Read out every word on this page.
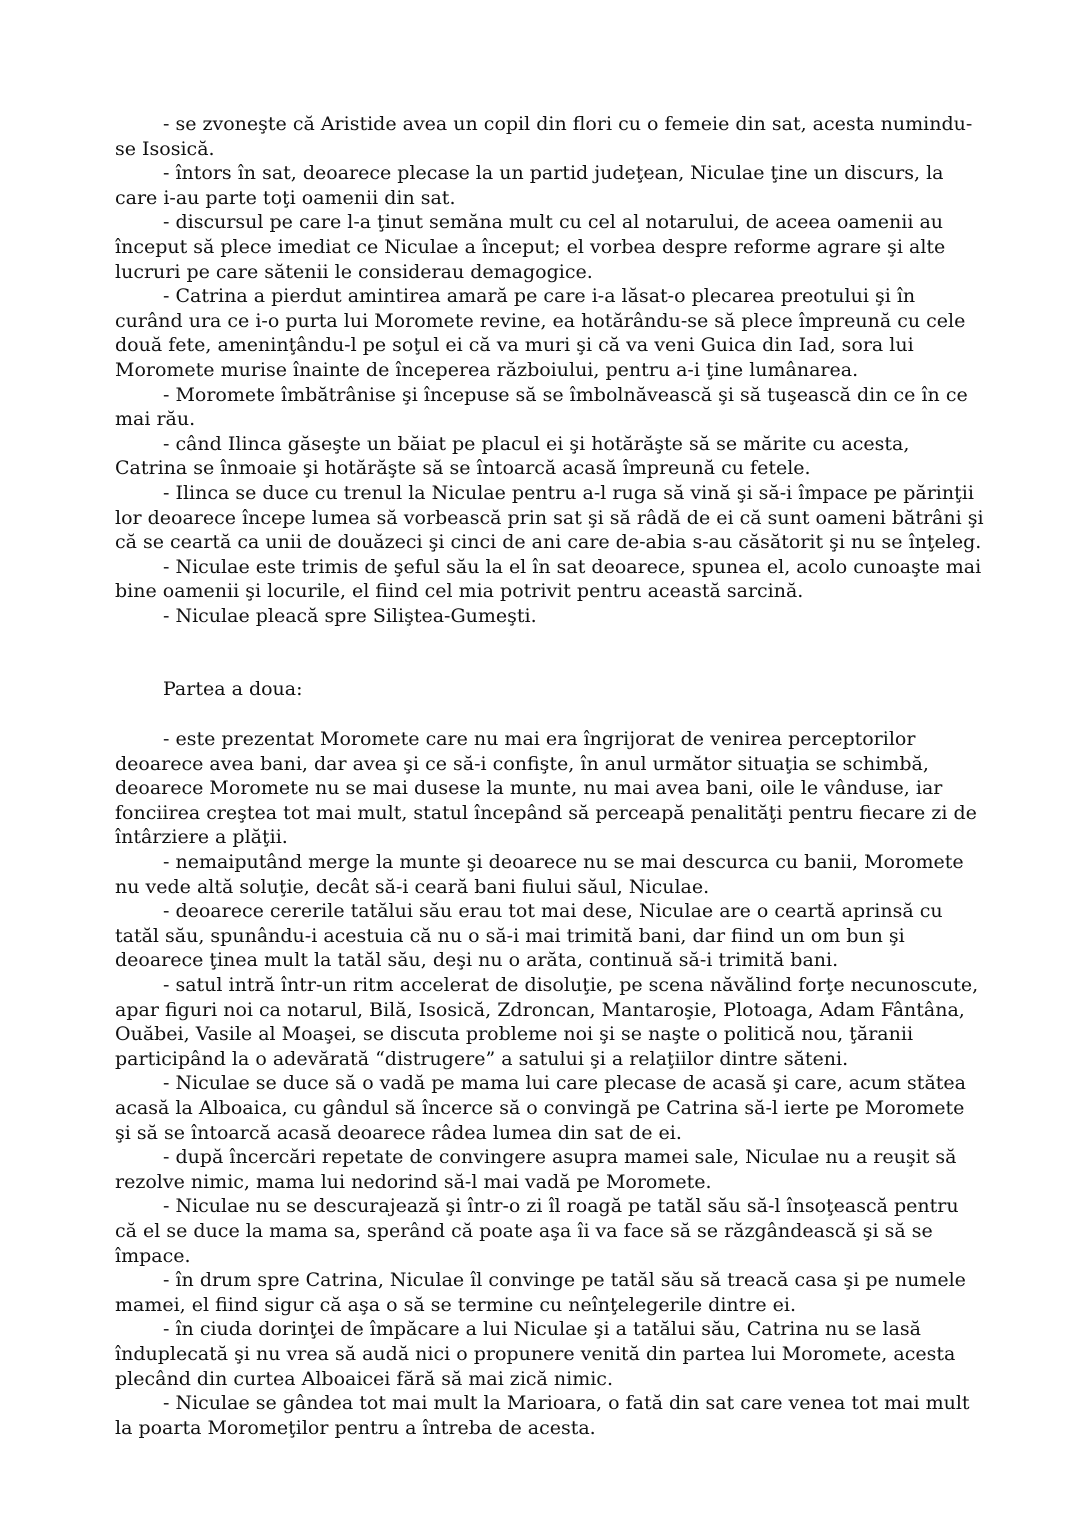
- se zvoneşte că Aristide avea un copil din flori cu o femeie din sat, acesta numindu-se Isosică.

- întors în sat, deoarece plecase la un partid judeţean, Niculae ţine un discurs, la care i-au parte toţi oamenii din sat.

- discursul pe care l-a ţinut semăna mult cu cel al notarului, de aceea oamenii au început să plece imediat ce Niculae a început; el vorbea despre reforme agrare şi alte lucruri pe care sătenii le considerau demagogice.

- Catrina a pierdut amintirea amară pe care i-a lăsat-o plecarea preotului şi în curând ura ce i-o purta lui Moromete revine, ea hotărându-se să plece împreună cu cele două fete, ameninţându-l pe soţul ei că va muri şi că va veni Guica din Iad, sora lui Moromete murise înainte de începerea războiului, pentru a-i ţine lumânarea.

- Moromete îmbătrânise şi începuse să se îmbolnăvească şi să tuşească din ce în ce mai rău.

- când Ilinca găseşte un băiat pe placul ei şi hotărăşte să se mărite cu acesta, Catrina se înmoaie şi hotărăşte să se întoarcă acasă împreună cu fetele.

- Ilinca se duce cu trenul la Niculae pentru a-l ruga să vină şi să-i împace pe părinţii lor deoarece începe lumea să vorbească prin sat şi să râdă de ei că sunt oameni bătrâni şi că se ceartă ca unii de douăzeci şi cinci de ani care de-abia s-au căsătorit şi nu se înţeleg.

- Niculae este trimis de şeful său la el în sat deoarece, spunea el, acolo cunoaşte mai bine oamenii şi locurile, el fiind cel mia potrivit pentru această sarcină.

- Niculae pleacă spre Siliştea-Gumeşti.

Partea a doua:

- este prezentat Moromete care nu mai era îngrijorat de venirea perceptorilor deoarece avea bani, dar avea şi ce să-i confişte, în anul următor situaţia se schimbă, deoarece Moromete nu se mai dusese la munte, nu mai avea bani, oile le vânduse, iar fonciirea creştea tot mai mult, statul începând să perceapă penalităţi pentru fiecare zi de întârziere a plăţii.

- nemaiputând merge la munte şi deoarece nu se mai descurca cu banii, Moromete nu vede altă soluţie, decât să-i ceară bani fiului săul, Niculae.

- deoarece cererile tatălui său erau tot mai dese, Niculae are o ceartă aprinsă cu tatăl său, spunându-i acestuia că nu o să-i mai trimită bani, dar fiind un om bun şi deoarece ţinea mult la tatăl său, deşi nu o arăta, continuă să-i trimită bani.

- satul intră într-un ritm accelerat de disoluţie, pe scena năvălind forţe necunoscute, apar figuri noi ca notarul, Bilă, Isosică, Zdroncan, Mantaroşie, Plotoaga, Adam Fântâna, Ouăbei, Vasile al Moaşei, se discuta probleme noi şi se naşte o politică nou, ţăranii participând la o adevărată “distrugere” a satului şi a relaţiilor dintre săteni.

- Niculae se duce să o vadă pe mama lui care plecase de acasă şi care, acum stătea acasă la Alboaica, cu gândul să încerce să o convingă pe Catrina să-l ierte pe Moromete şi să se întoarcă acasă deoarece râdea lumea din sat de ei.

- după încercări repetate de convingere asupra mamei sale, Niculae nu a reuşit să rezolve nimic, mama lui nedorind să-l mai vadă pe Moromete.

- Niculae nu se descurajează şi într-o zi îl roagă pe tatăl său să-l însoţească pentru că el se duce la mama sa, sperând că poate aşa îi va face să se răzgândească şi să se împace.

- în drum spre Catrina, Niculae îl convinge pe tatăl său să treacă casa şi pe numele mamei, el fiind sigur că aşa o să se termine cu neînţelegerile dintre ei.

- în ciuda dorinţei de împăcare a lui Niculae şi a tatălui său, Catrina nu se lasă înduplecată şi nu vrea să audă nici o propunere venită din partea lui Moromete, acesta plecând din curtea Alboaicei fără să mai zică nimic.

- Niculae se gândea tot mai mult la Marioara, o fată din sat care venea tot mai mult la poarta Moromeţilor pentru a întreba de acesta.
